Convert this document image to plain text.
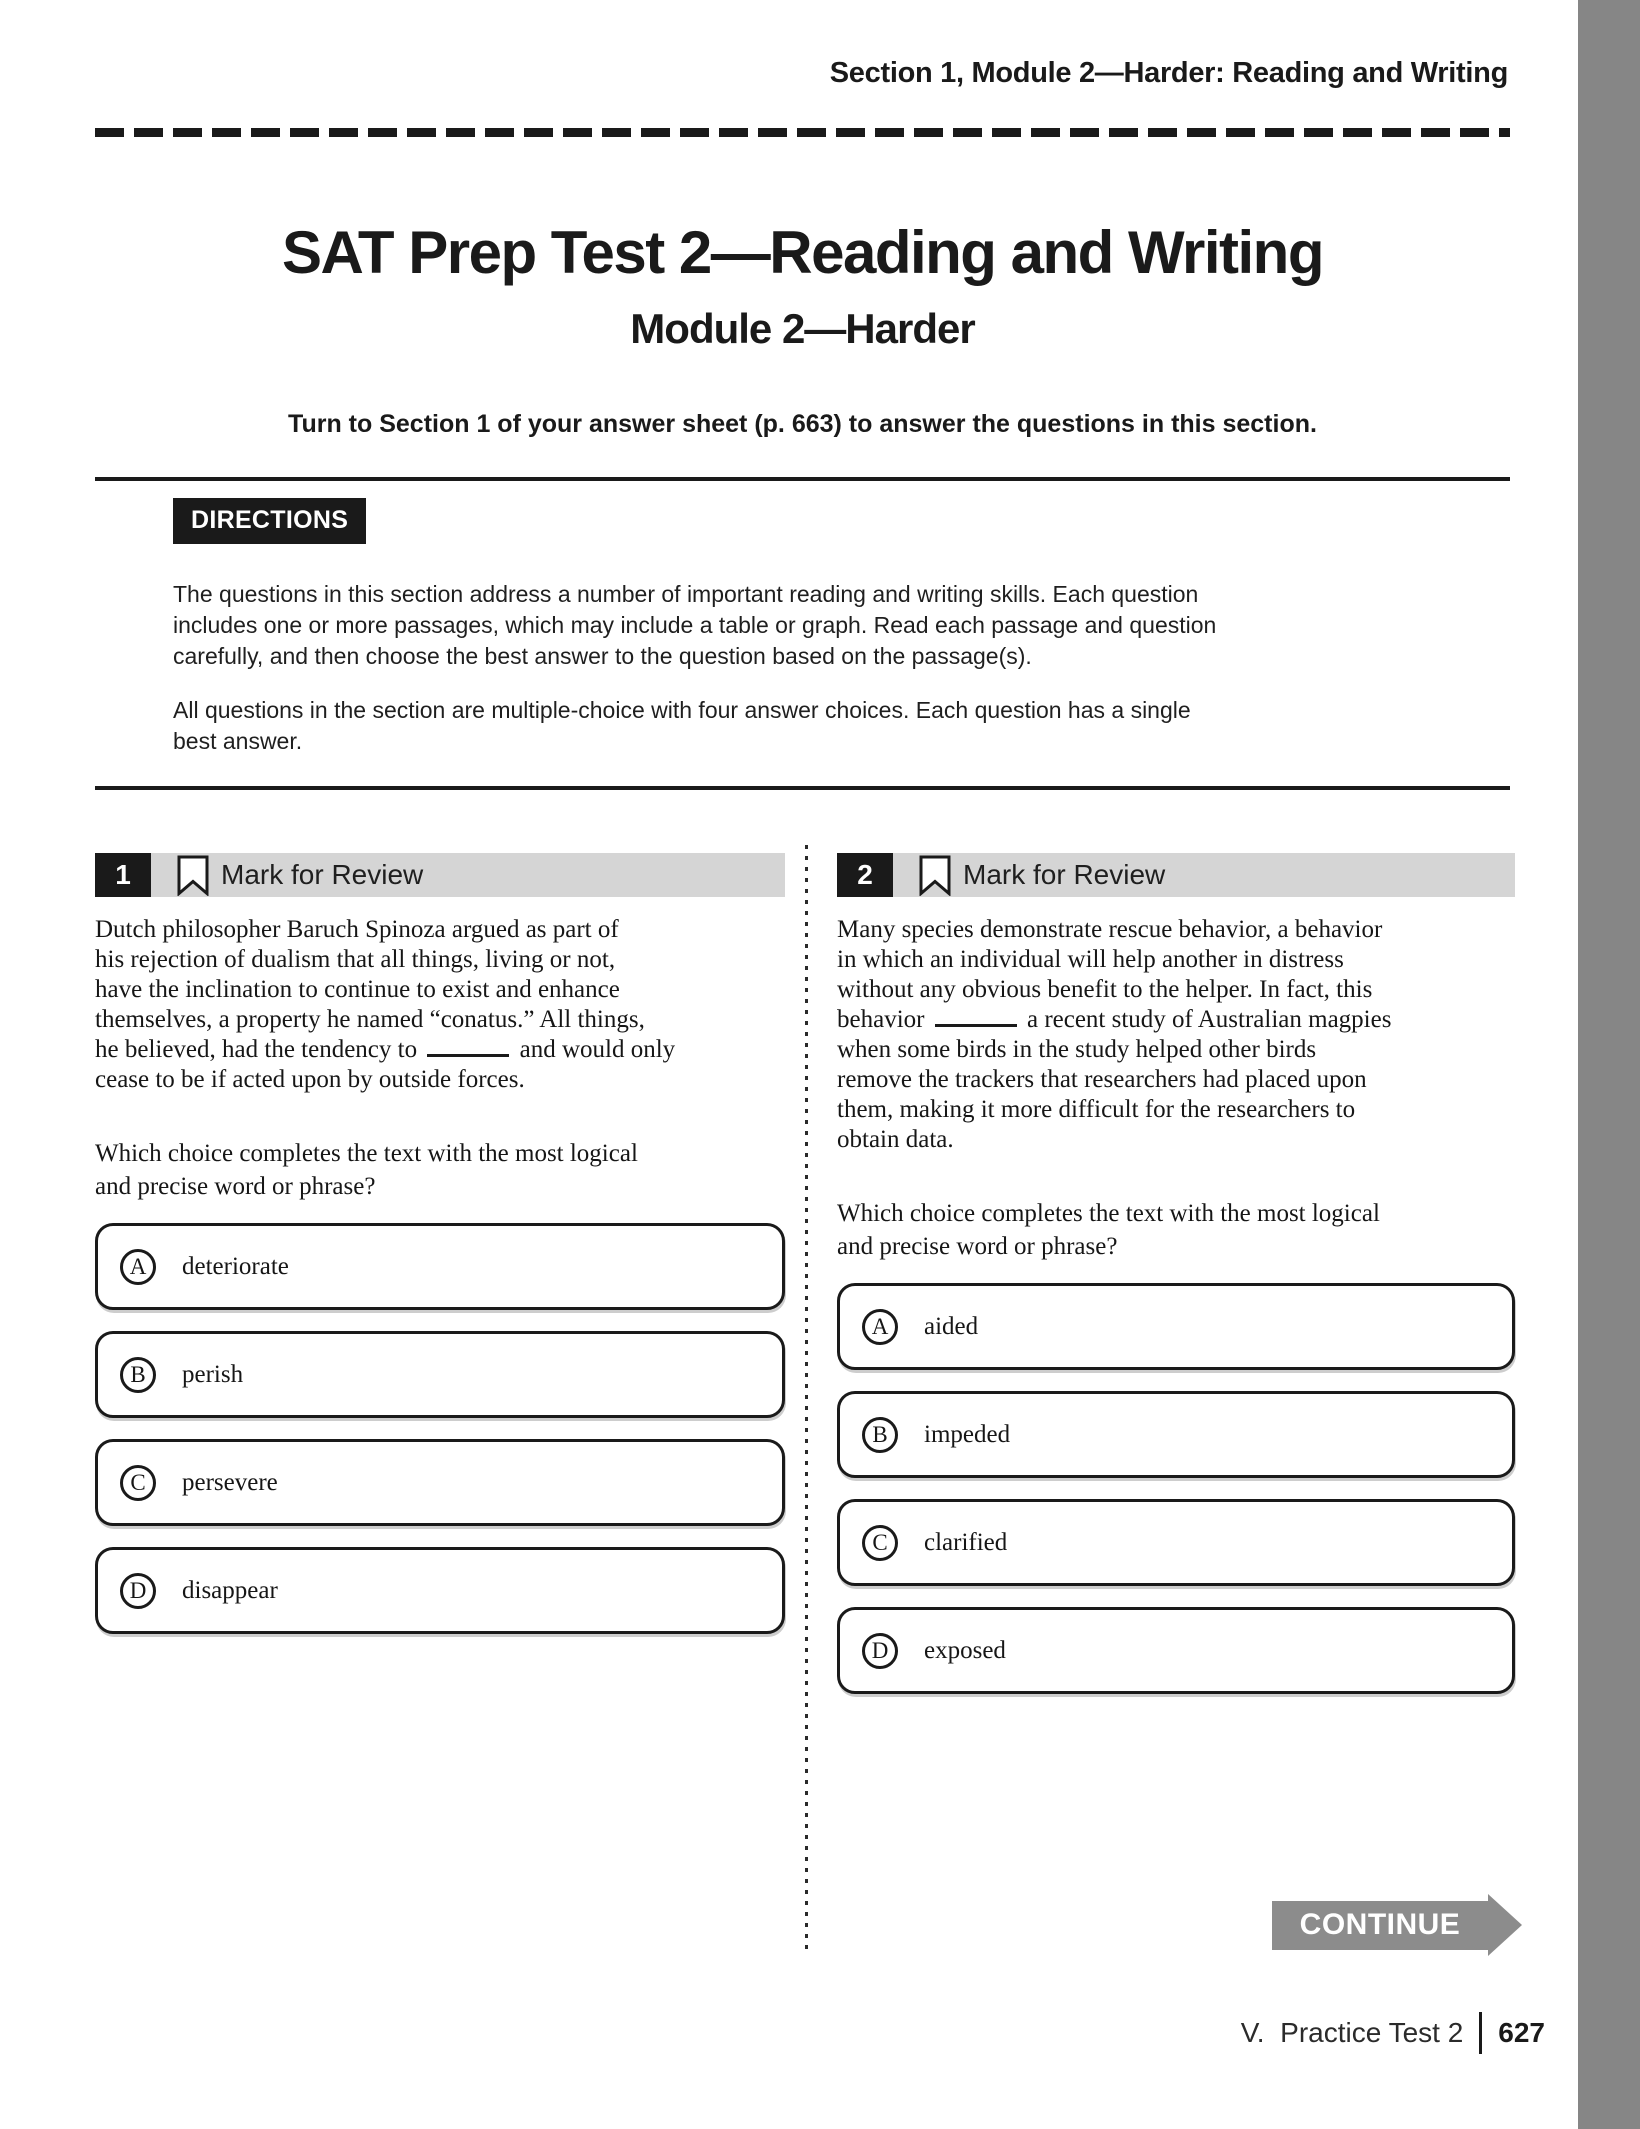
Section 1, Module 2—Harder: Reading and Writing
SAT Prep Test 2—Reading and Writing
Module 2—Harder
Turn to Section 1 of your answer sheet (p. 663) to answer the questions in this section.
DIRECTIONS
The questions in this section address a number of important reading and writing skills. Each question
includes one or more passages, which may include a table or graph. Read each passage and question
carefully, and then choose the best answer to the question based on the passage(s).
All questions in the section are multiple-choice with four answer choices. Each question has a single
best answer.
1	Mark for Review
Dutch philosopher Baruch Spinoza argued as part of
his rejection of dualism that all things, living or not,
have the inclination to continue to exist and enhance
themselves, a property he named “conatus.” All things,
he believed, had the tendency to	and would only
cease to be if acted upon by outside forces.
Which choice completes the text with the most logical
and precise word or phrase?
A	deteriorate
B	perish
C	persevere
D	disappear
2	Mark for Review
Many species demonstrate rescue behavior, a behavior
in which an individual will help another in distress
without any obvious benefit to the helper. In fact, this
behavior	a recent study of Australian magpies
when some birds in the study helped other birds
remove the trackers that researchers had placed upon
them, making it more difficult for the researchers to
obtain data.
Which choice completes the text with the most logical
and precise word or phrase?
A	aided
B	impeded
C	clarified
D	exposed
CONTINUE
V.  Practice Test 2 627
